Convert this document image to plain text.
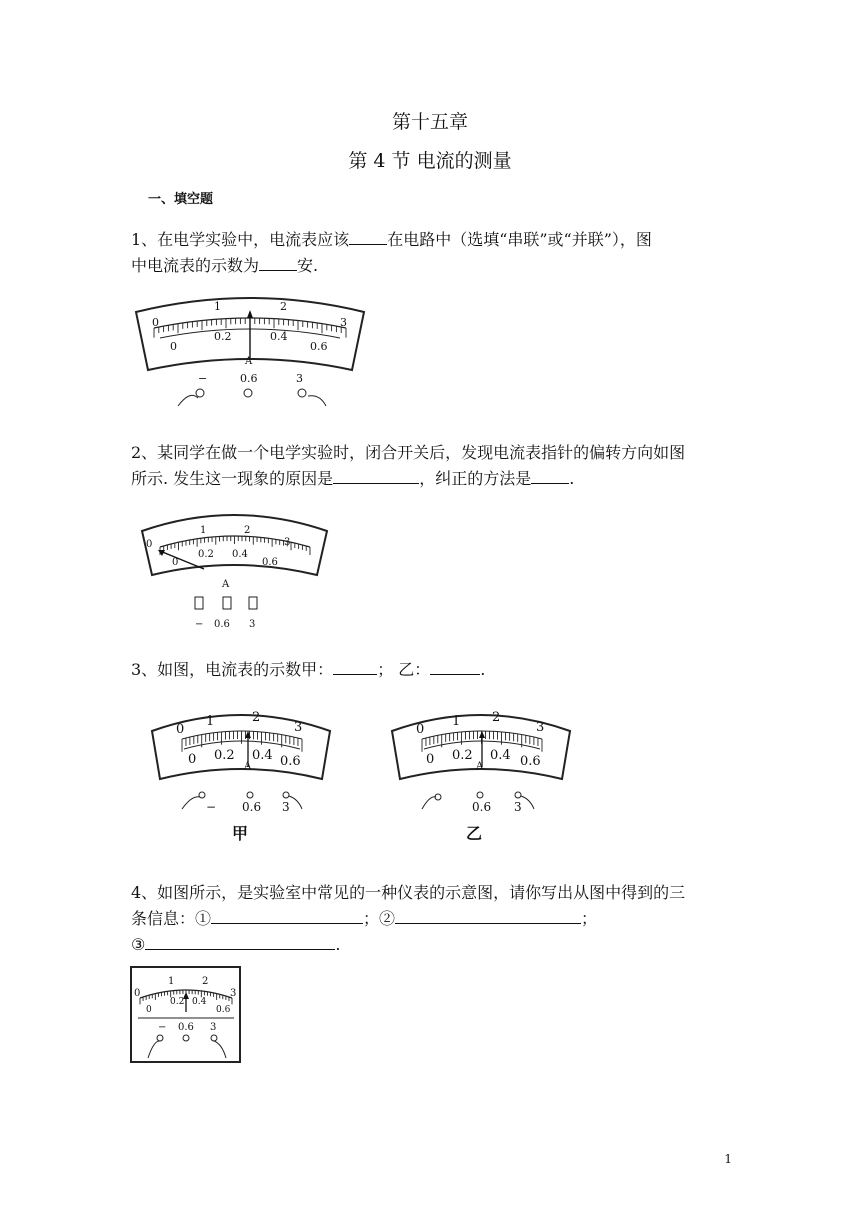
第十五章
第 4 节 电流的测量
一、填空题
1、在电学实验中，电流表应该 在电路中（选填“串联”或“并联”），图
中电流表的示数为 安.
0
1	2
3
0
0.2	0.4
0.6
A
−	0.6	3
2、某同学在做一个电学实验时，闭合开关后，发现电流表指针的偏转方向如图
所示. 发生这一现象的原因是	，纠正的方法是 .
0
1	2
3
0
0.2 0.4
0.6
A
− 0.6 3
3、如图，电流表的示数甲：	； 乙：	.
0
1	2
3
0 0.2 0.4 0.6
A
− 0.6 3
甲
0
1 2
3
0 0.2 0.4 0.6
A
0.6 3
乙
4、如图所示，是实验室中常见的一种仪表的示意图，请你写出从图中得到的三
条信息：①	；②	；
③	.
0
1	2
3
0
0.2 0.4
0.6
− 0.6 3
1
